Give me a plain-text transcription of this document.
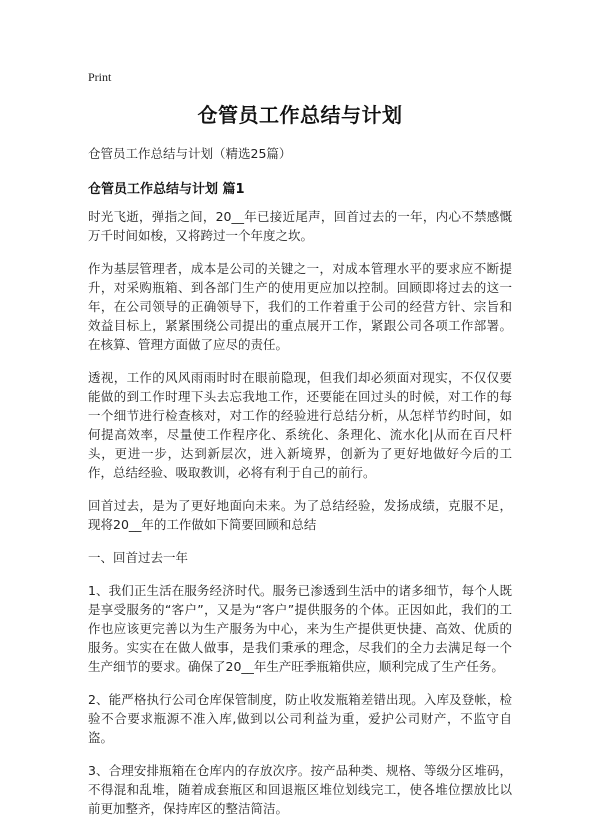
Print
仓管员工作总结与计划
仓管员工作总结与计划（精选25篇）
仓管员工作总结与计划 篇1

时光飞逝，弹指之间，20__年已接近尾声，回首过去的一年，内心不禁感慨万千时间如梭，又将跨过一个年度之坎。

作为基层管理者，成本是公司的关键之一，对成本管理水平的要求应不断提升，对采购瓶箱、到各部门生产的使用更应加以控制。回顾即将过去的这一年，在公司领导的正确领导下，我们的工作着重于公司的经营方针、宗旨和效益目标上，紧紧围绕公司提出的重点展开工作，紧跟公司各项工作部署。在核算、管理方面做了应尽的责任。

透视，工作的风风雨雨时时在眼前隐现，但我们却必须面对现实，不仅仅要能做的到工作时理下头去忘我地工作，还要能在回过头的时候，对工作的每一个细节进行检查核对，对工作的经验进行总结分析，从怎样节约时间，如何提高效率，尽量使工作程序化、系统化、条理化、流水化|从而在百尺杆头，更进一步，达到新层次，进入新境界，创新为了更好地做好今后的工作，总结经验、吸取教训，必将有利于自己的前行。

回首过去，是为了更好地面向未来。为了总结经验，发扬成绩，克服不足，现将20__年的工作做如下简要回顾和总结

一、回首过去一年

1、我们正生活在服务经济时代。服务已渗透到生活中的诸多细节，每个人既是享受服务的“客户”，又是为“客户”提供服务的个体。正因如此，我们的工作也应该更完善以为生产服务为中心，来为生产提供更快捷、高效、优质的服务。实实在在做人做事，是我们秉承的理念，尽我们的全力去满足每一个生产细节的要求。确保了20__年生产旺季瓶箱供应，顺利完成了生产任务。

2、能严格执行公司仓库保管制度，防止收发瓶箱差错出现。入库及登帐，检验不合要求瓶源不准入库,做到以公司利益为重，爱护公司财产，不监守自盗。

3、合理安排瓶箱在仓库内的存放次序。按产品种类、规格、等级分区堆码，不得混和乱堆，随着成套瓶区和回退瓶区堆位划线完工，使各堆位摆放比以前更加整齐，保持库区的整洁简洁。
